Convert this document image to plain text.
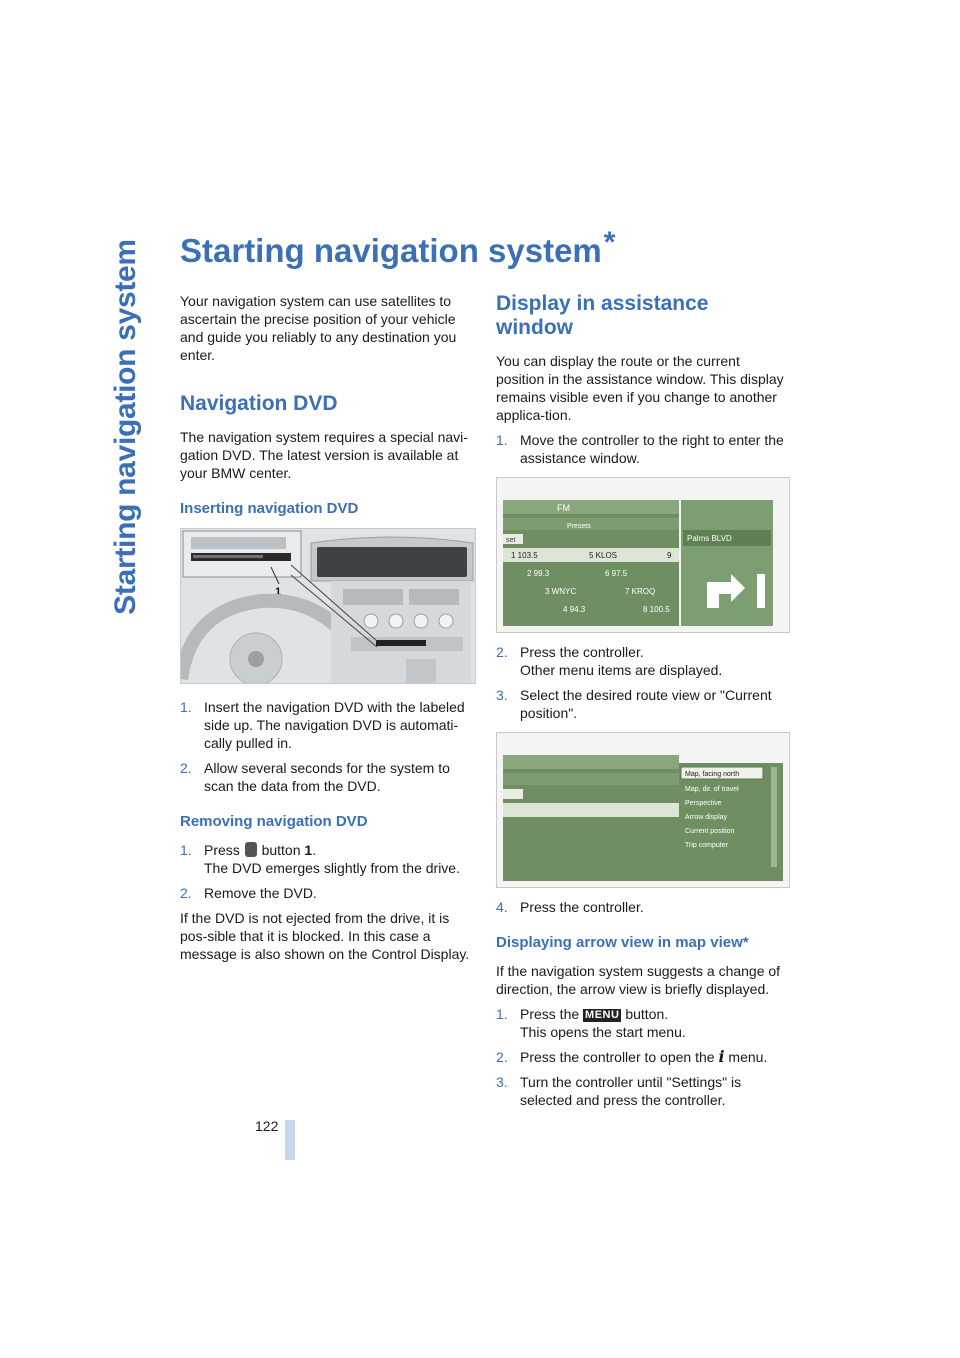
Starting navigation system
122
Starting navigation system*

Your navigation system can use satellites to ascertain the precise position of your vehicle and guide you reliably to any destination you enter.

Navigation DVD

The navigation system requires a special navi-gation DVD. The latest version is available at your BMW center.

Inserting navigation DVD
1
1. Insert the navigation DVD with the labeled side up. The navigation DVD is automati-cally pulled in.
2. Allow several seconds for the system to scan the data from the DVD.
Removing navigation DVD
1. Press button 1.
The DVD emerges slightly from the drive.
2. Remove the DVD.

If the DVD is not ejected from the drive, it is pos-sible that it is blocked. In this case a message is also shown on the Control Display.

Display in assistance window

You can display the route or the current position in the assistance window. This display remains visible even if you change to another applica-tion.

1. Move the controller to the right to enter the assistance window.
FM
Presets
set
1 103.5	5 KLOS	9
2 99.3	6 97.5
3 WNYC	7 KROQ
4 94.3	8 100.5
Palms BLVD
2. Press the controller.
Other menu items are displayed.
3. Select the desired route view or "Current position".
Map, facing north
Map, dir. of travel
Perspective
Arrow display
Current position
Trip computer
4. Press the controller.
Displaying arrow view in map view*

If the navigation system suggests a change of direction, the arrow view is briefly displayed.

1. Press the MENU button.
This opens the start menu.
2. Press the controller to open the i menu.
3. Turn the controller until "Settings" is selected and press the controller.
